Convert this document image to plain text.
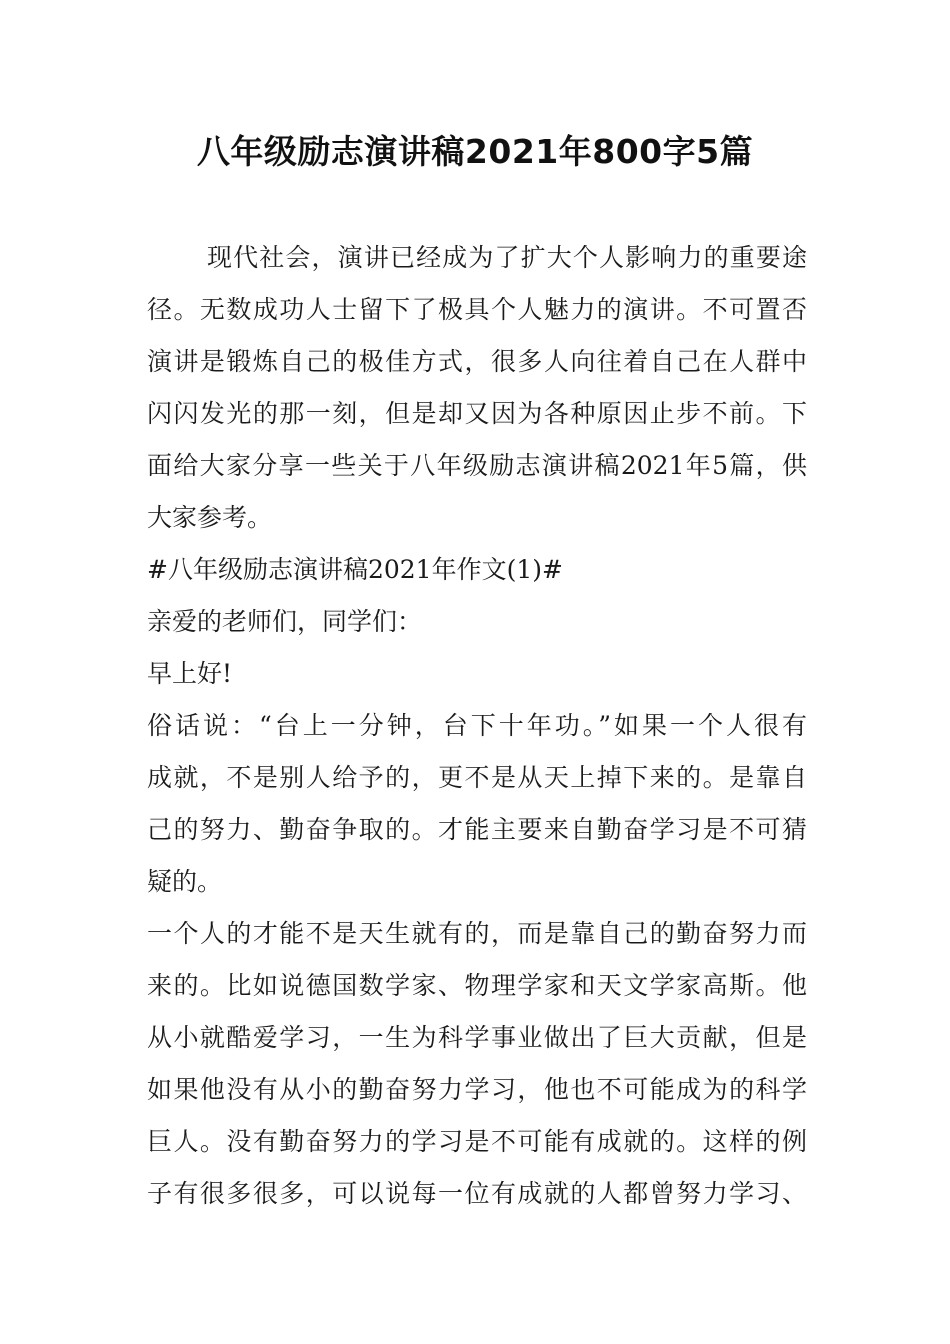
八年级励志演讲稿2021年800字5篇
现代社会，演讲已经成为了扩大个人影响力的重要途
径。无数成功人士留下了极具个人魅力的演讲。不可置否
演讲是锻炼自己的极佳方式，很多人向往着自己在人群中
闪闪发光的那一刻，但是却又因为各种原因止步不前。下
面给大家分享一些关于八年级励志演讲稿2021年5篇，供
大家参考。
#八年级励志演讲稿2021年作文(1)#
亲爱的老师们，同学们：
早上好!
俗话说：“台上一分钟，台下十年功。”如果一个人很有
成就，不是别人给予的，更不是从天上掉下来的。是靠自
己的努力、勤奋争取的。才能主要来自勤奋学习是不可猜
疑的。
一个人的才能不是天生就有的，而是靠自己的勤奋努力而
来的。比如说德国数学家、物理学家和天文学家高斯。他
从小就酷爱学习，一生为科学事业做出了巨大贡献，但是
如果他没有从小的勤奋努力学习，他也不可能成为的科学
巨人。没有勤奋努力的学习是不可能有成就的。这样的例
子有很多很多，可以说每一位有成就的人都曾努力学习、
